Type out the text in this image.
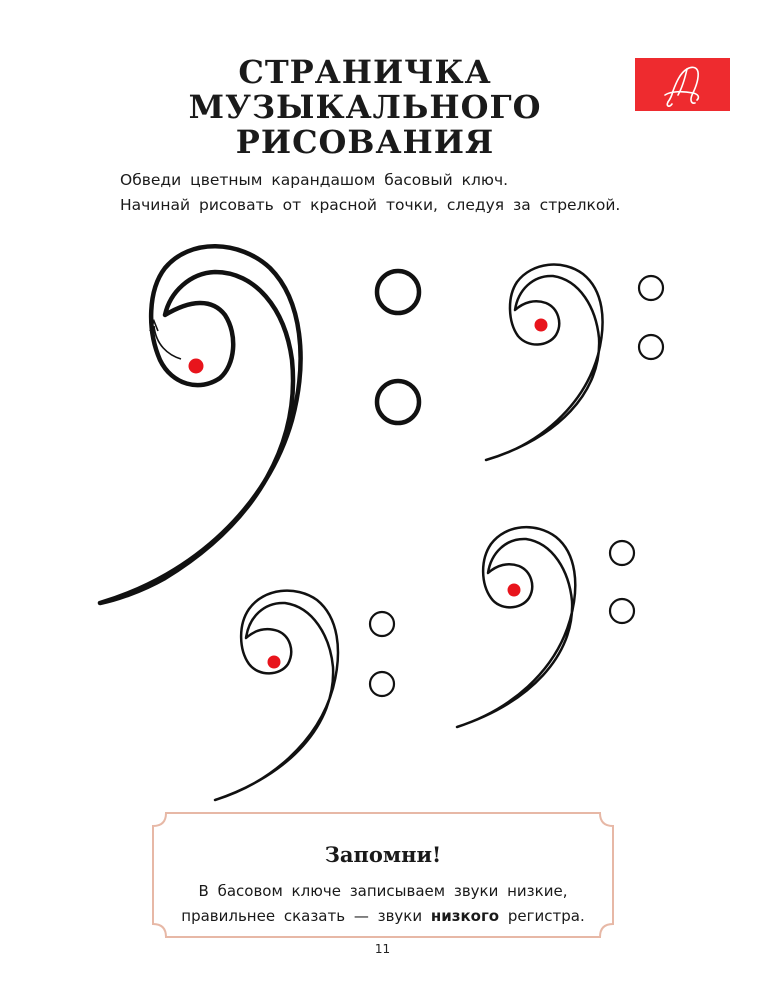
СТРАНИЧКА
МУЗЫКАЛЬНОГО
РИСОВАНИЯ

Обведи цветным карандашом басовый ключ.

Начинай рисовать от красной точки, следуя за стрелкой.

Запомни!

В басовом ключе записываем звуки низкие,

правильнее сказать — звуки низкого регистра.

11
